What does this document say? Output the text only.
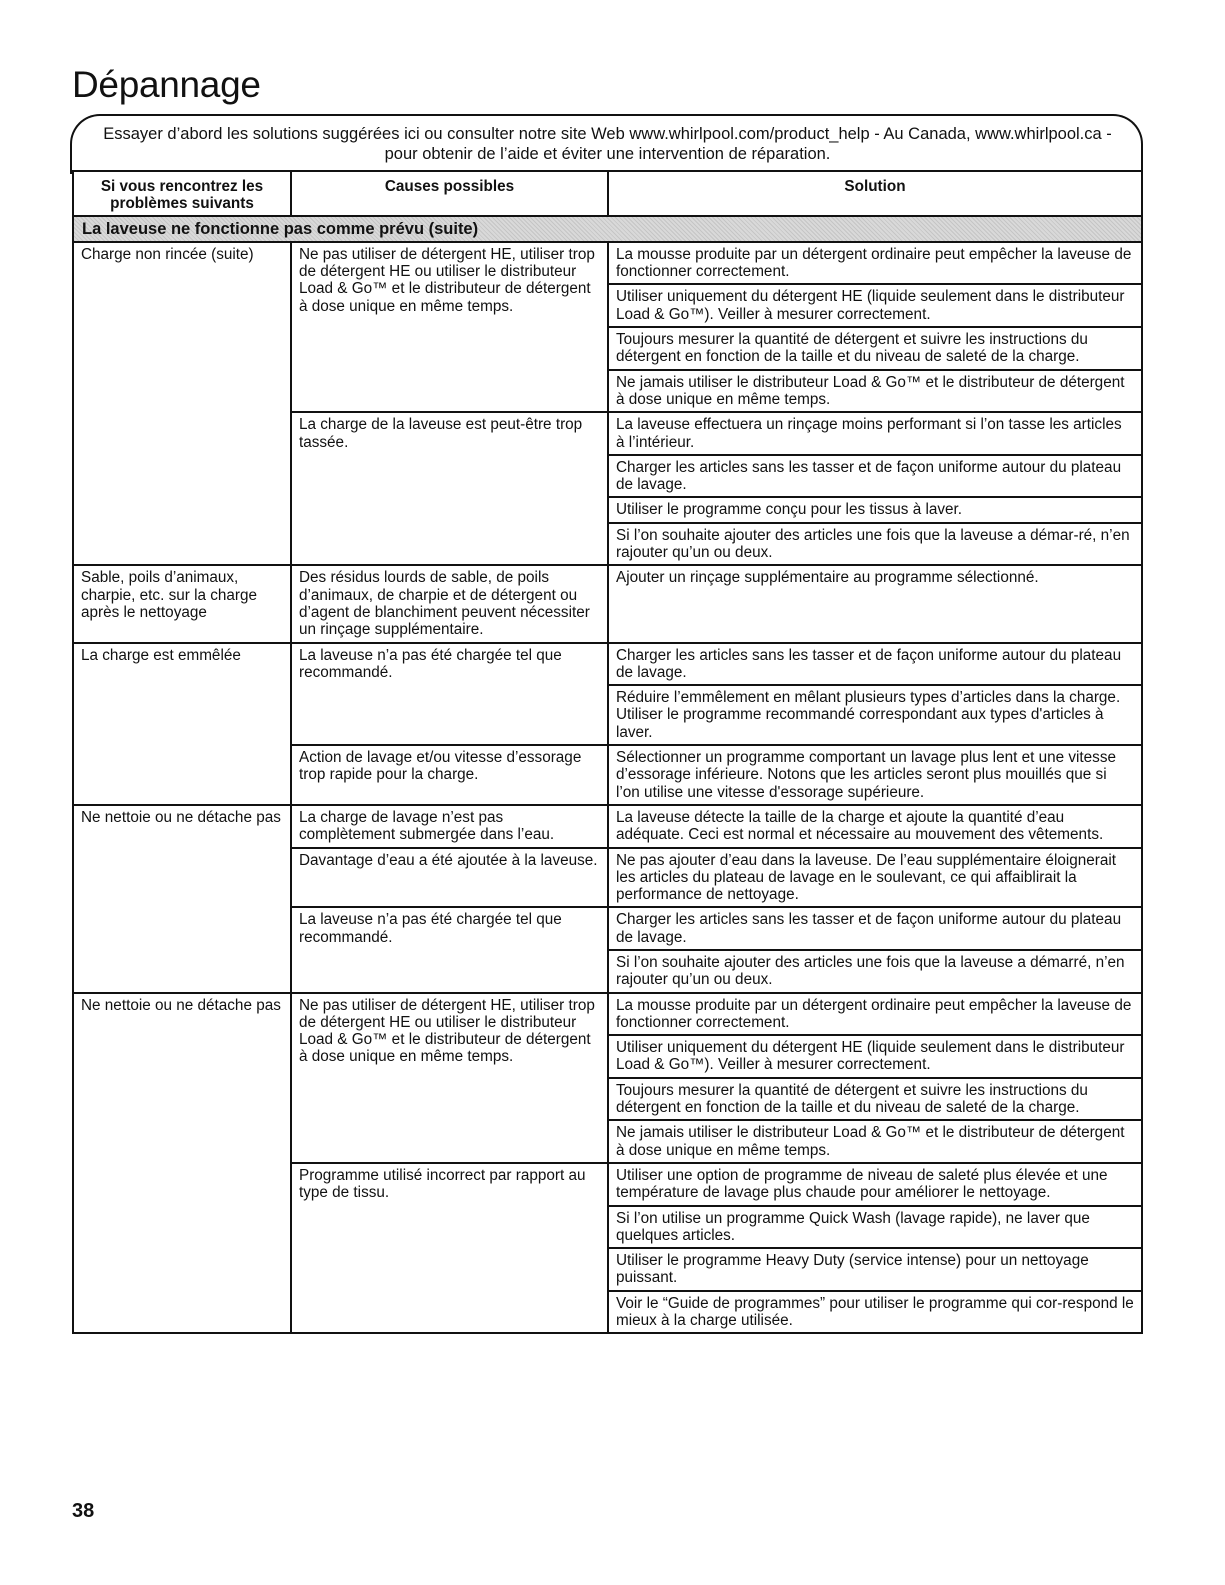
Dépannage
Essayer d’abord les solutions suggérées ici ou consulter notre site Web www.whirlpool.com/product_help - Au Canada, www.whirlpool.ca - pour obtenir de l’aide et éviter une intervention de réparation.
Si vous rencontrez les problèmes suivants	Causes possibles	Solution
La laveuse ne fonctionne pas comme prévu (suite)		
Charge non rincée (suite)	Ne pas utiliser de détergent HE, utiliser trop de détergent HE ou utiliser le distributeur Load & Go™ et le distributeur de détergent à dose unique en même temps.	La mousse produite par un détergent ordinaire peut empêcher la laveuse de fonctionner correctement.
		Utiliser uniquement du détergent HE (liquide seulement dans le distributeur Load & Go™). Veiller à mesurer correctement.
		Toujours mesurer la quantité de détergent et suivre les instructions du détergent en fonction de la taille et du niveau de saleté de la charge.
		Ne jamais utiliser le distributeur Load & Go™ et le distributeur de détergent à dose unique en même temps.
	La charge de la laveuse est peut-être trop tassée.	La laveuse effectuera un rinçage moins performant si l’on tasse les articles à l’intérieur.
		Charger les articles sans les tasser et de façon uniforme autour du plateau de lavage.
		Utiliser le programme conçu pour les tissus à laver.
		Si l’on souhaite ajouter des articles une fois que la laveuse a démar-ré, n’en rajouter qu’un ou deux.
Sable, poils d’animaux, charpie, etc. sur la charge après le nettoyage	Des résidus lourds de sable, de poils d’animaux, de charpie et de détergent ou d’agent de blanchiment peuvent nécessiter un rinçage supplémentaire.	Ajouter un rinçage supplémentaire au programme sélectionné.
La charge est emmêlée	La laveuse n’a pas été chargée tel que recommandé.	Charger les articles sans les tasser et de façon uniforme autour du plateau de lavage.
		Réduire l’emmêlement en mêlant plusieurs types d’articles dans la charge. Utiliser le programme recommandé correspondant aux types d'articles à laver.
	Action de lavage et/ou vitesse d’essorage trop rapide pour la charge.	Sélectionner un programme comportant un lavage plus lent et une vitesse d’essorage inférieure. Notons que les articles seront plus mouillés que si l’on utilise une vitesse d'essorage supérieure.
Ne nettoie ou ne détache pas	La charge de lavage n’est pas complètement submergée dans l’eau.	La laveuse détecte la taille de la charge et ajoute la quantité d’eau adéquate. Ceci est normal et nécessaire au mouvement des vêtements.
	Davantage d’eau a été ajoutée à la laveuse.	Ne pas ajouter d’eau dans la laveuse. De l’eau supplémentaire éloignerait les articles du plateau de lavage en le soulevant, ce qui affaiblirait la performance de nettoyage.
	La laveuse n’a pas été chargée tel que recommandé.	Charger les articles sans les tasser et de façon uniforme autour du plateau de lavage.
		Si l’on souhaite ajouter des articles une fois que la laveuse a démarré, n’en rajouter qu’un ou deux.
Ne nettoie ou ne détache pas	Ne pas utiliser de détergent HE, utiliser trop de détergent HE ou utiliser le distributeur Load & Go™ et le distributeur de détergent à dose unique en même temps.	La mousse produite par un détergent ordinaire peut empêcher la laveuse de fonctionner correctement.
		Utiliser uniquement du détergent HE (liquide seulement dans le distributeur Load & Go™). Veiller à mesurer correctement.
		Toujours mesurer la quantité de détergent et suivre les instructions du détergent en fonction de la taille et du niveau de saleté de la charge.
		Ne jamais utiliser le distributeur Load & Go™ et le distributeur de détergent à dose unique en même temps.
	Programme utilisé incorrect par rapport au type de tissu.	Utiliser une option de programme de niveau de saleté plus élevée et une température de lavage plus chaude pour améliorer le nettoyage.
		Si l’on utilise un programme Quick Wash (lavage rapide), ne laver que quelques articles.
		Utiliser le programme Heavy Duty (service intense) pour un nettoyage puissant.
		Voir le “Guide de programmes” pour utiliser le programme qui cor-respond le mieux à la charge utilisée.
38
